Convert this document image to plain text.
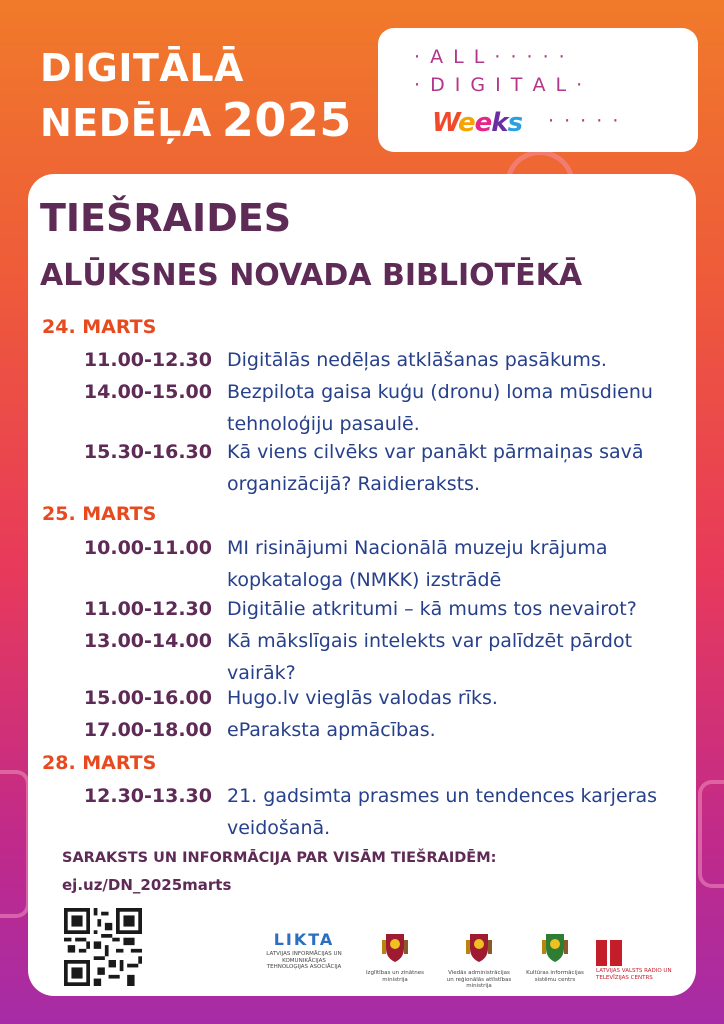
DIGITĀLĀ
NEDĒĻA 2025
· A L L · · · · ·
· D I G I T A L ·
Weeks · · · · ·
TIEŠRAIDES
ALŪKSNES NOVADA BIBLIOTĒKĀ
24. MARTS
11.00-12.30 Digitālās nedēļas atklāšanas pasākums.
14.00-15.00 Bezpilota gaisa kuģu (dronu) loma mūsdienu tehnoloģiju pasaulē.
15.30-16.30 Kā viens cilvēks var panākt pārmaiņas savā organizācijā? Raidieraksts.
25. MARTS
10.00-11.00 MI risinājumi Nacionālā muzeju krājuma kopkataloga (NMKK) izstrādē
11.00-12.30 Digitālie atkritumi – kā mums tos nevairot?
13.00-14.00 Kā mākslīgais intelekts var palīdzēt pārdot vairāk?
15.00-16.00 Hugo.lv vieglās valodas rīks.
17.00-18.00 eParaksta apmācības.
28. MARTS
12.30-13.30 21. gadsimta prasmes un tendences karjeras veidošanā.
SARAKSTS UN INFORMĀCIJA PAR VISĀM TIEŠRAIDĒM:
ej.uz/DN_2025marts
LIKTA
LATVIJAS INFORMĀCIJAS UN KOMUNIKĀCIJAS TEHNOLOĢIJAS ASOCIĀCIJA
Izglītības un zinātnes ministrija
Viedās administrācijas un reģionālās attīstības ministrija
Kultūras informācijas sistēmu centrs
LATVIJAS VALSTS RADIO UN TELEVĪZIJAS CENTRS
